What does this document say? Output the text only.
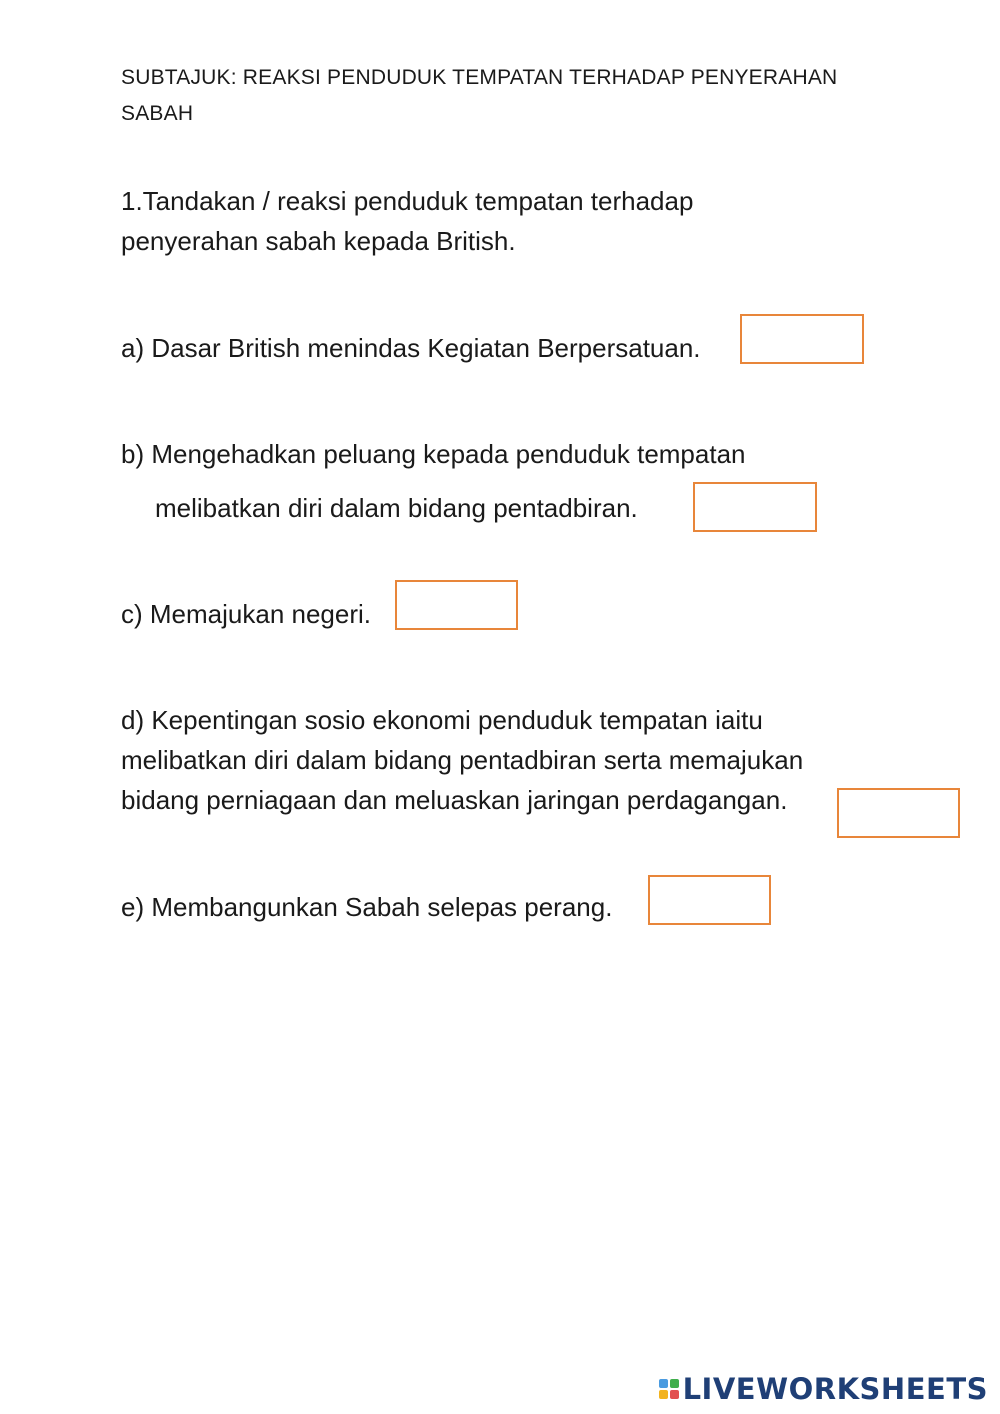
SUBTAJUK: REAKSI PENDUDUK TEMPATAN TERHADAP PENYERAHAN SABAH
1.Tandakan / reaksi penduduk tempatan terhadap penyerahan sabah kepada British.
a) Dasar British menindas Kegiatan Berpersatuan.
b) Mengehadkan peluang kepada penduduk tempatan
melibatkan diri dalam bidang pentadbiran.
c) Memajukan negeri.
d) Kepentingan sosio ekonomi penduduk tempatan iaitu
melibatkan diri dalam bidang pentadbiran serta memajukan
bidang perniagaan dan meluaskan jaringan perdagangan.
e) Membangunkan Sabah selepas perang.
LIVEWORKSHEETS
